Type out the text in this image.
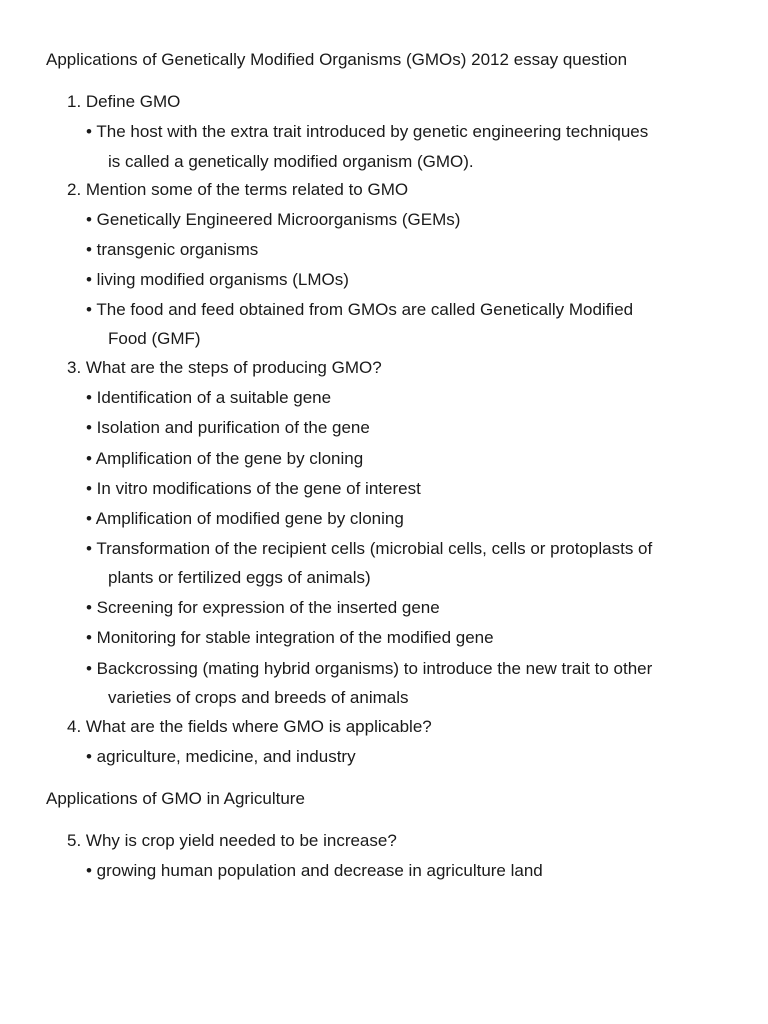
Applications of Genetically Modified Organisms (GMOs) 2012 essay question
1. Define GMO
• The host with the extra trait introduced by genetic engineering techniques
is called a genetically modified organism (GMO).
2. Mention some of the terms related to GMO
• Genetically Engineered Microorganisms (GEMs)
• transgenic organisms
• living modified organisms (LMOs)
• The food and feed obtained from GMOs are called Genetically Modified
Food (GMF)
3. What are the steps of producing GMO?
• Identification of a suitable gene
• Isolation and purification of the gene
• Amplification of the gene by cloning
• In vitro modifications of the gene of interest
• Amplification of modified gene by cloning
• Transformation of the recipient cells (microbial cells, cells or protoplasts of
plants or fertilized eggs of animals)
• Screening for expression of the inserted gene
• Monitoring for stable integration of the modified gene
• Backcrossing (mating hybrid organisms) to introduce the new trait to other
varieties of crops and breeds of animals
4. What are the fields where GMO is applicable?
• agriculture, medicine, and industry
Applications of GMO in Agriculture
5. Why is crop yield needed to be increase?
• growing human population and decrease in agriculture land
